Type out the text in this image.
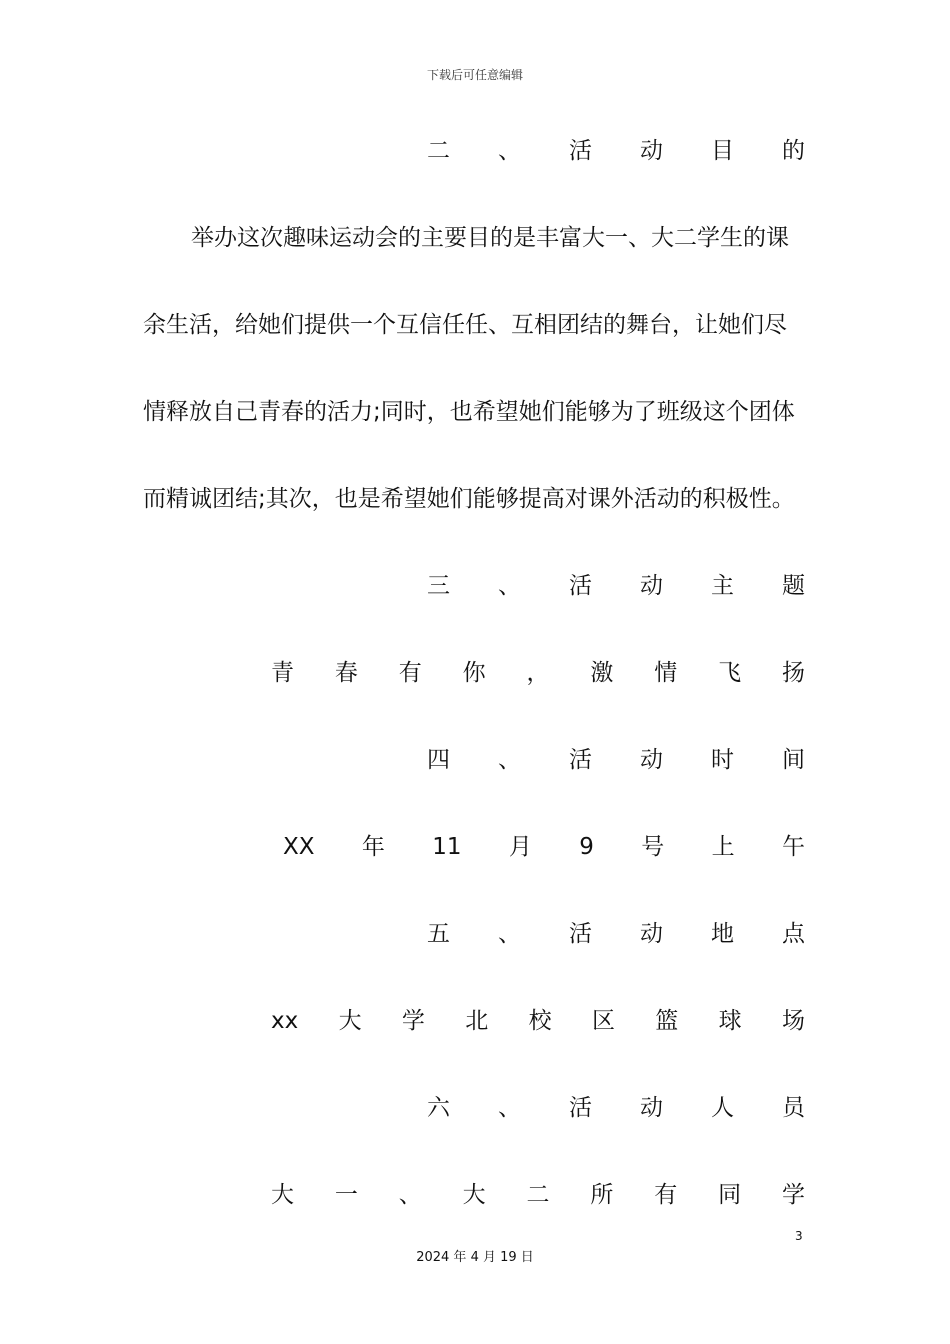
下载后可任意编辑
二 、 活 动 目 的
举办这次趣味运动会的主要目的是丰富大一、大二学生的课
余生活，给她们提供一个互信任任、互相团结的舞台，让她们尽
情释放自己青春的活力;同时，也希望她们能够为了班级这个团体
而精诚团结;其次，也是希望她们能够提高对课外活动的积极性。
三 、 活 动 主 题
青 春 有 你 ， 激 情 飞 扬
四 、 活 动 时 间
XX 年 11 月 9 号 上 午
五 、 活 动 地 点
xx 大 学 北 校 区 篮 球 场
六 、 活 动 人 员
大 一 、 大 二 所 有 同 学
3
2024 年 4 月 19 日
